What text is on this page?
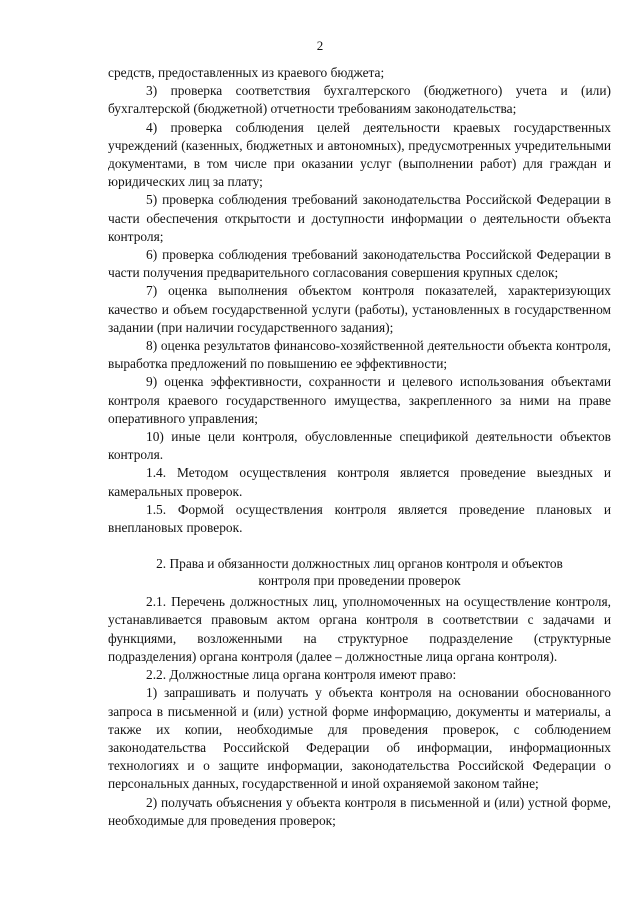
2

средств, предоставленных из краевого бюджета;

3) проверка соответствия бухгалтерского (бюджетного) учета и (или) бухгалтерской (бюджетной) отчетности требованиям законодательства;

4) проверка соблюдения целей деятельности краевых государственных учреждений (казенных, бюджетных и автономных), предусмотренных учредительными документами, в том числе при оказании услуг (выполнении работ) для граждан и юридических лиц за плату;

5) проверка соблюдения требований законодательства Российской Федерации в части обеспечения открытости и доступности информации о деятельности объекта контроля;

6) проверка соблюдения требований законодательства Российской Федерации в части получения предварительного согласования совершения крупных сделок;

7) оценка выполнения объектом контроля показателей, характеризующих качество и объем государственной услуги (работы), установленных в государственном задании (при наличии государственного задания);

8) оценка результатов финансово-хозяйственной деятельности объекта контроля, выработка предложений по повышению ее эффективности;

9) оценка эффективности, сохранности и целевого использования объектами контроля краевого государственного имущества, закрепленного за ними на праве оперативного управления;

10) иные цели контроля, обусловленные спецификой деятельности объектов контроля.

1.4. Методом осуществления контроля является проведение выездных и камеральных проверок.

1.5. Формой осуществления контроля является проведение плановых и внеплановых проверок.

2. Права и обязанности должностных лиц органов контроля и объектов контроля при проведении проверок

2.1. Перечень должностных лиц, уполномоченных на осуществление контроля, устанавливается правовым актом органа контроля в соответствии с задачами и функциями, возложенными на структурное подразделение (структурные подразделения) органа контроля (далее – должностные лица органа контроля).

2.2. Должностные лица органа контроля имеют право:

1) запрашивать и получать у объекта контроля на основании обоснованного запроса в письменной и (или) устной форме информацию, документы и материалы, а также их копии, необходимые для проведения проверок, с соблюдением законодательства Российской Федерации об информации, информационных технологиях и о защите информации, законодательства Российской Федерации о персональных данных, государственной и иной охраняемой законом тайне;

2) получать объяснения у объекта контроля в письменной и (или) устной форме, необходимые для проведения проверок;
